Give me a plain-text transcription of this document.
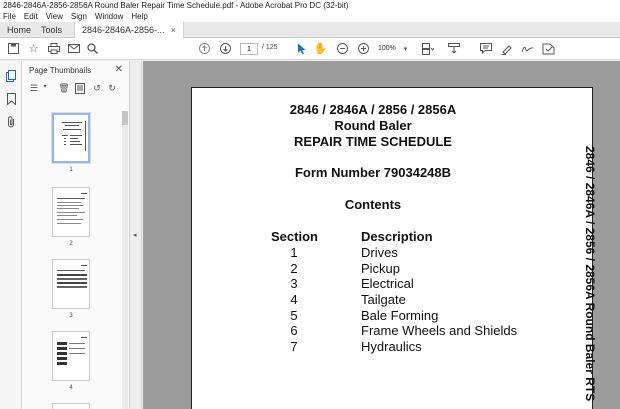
2846-2846A-2856-2856A Round Baler Repair Time Schedule.pdf - Adobe Acrobat Pro DC (32-bit)
File Edit View Sign Window Help
Home	Tools	2846-2846A-2856-... ×
☆
1	/ 125	✋	100%	▾
Page Thumbnails ✕
☰ ▾	🗑	↺ ↻
1
2
3
4
◂
2846 / 2846A / 2856 / 2856A
Round Baler
REPAIR TIME SCHEDULE
Form Number 79034248B
Contents
Section	Description
1	Drives
2	Pickup
3	Electrical
4	Tailgate
5	Bale Forming
6	Frame Wheels and Shields
7	Hydraulics	2846 / 2846A / 2856 / 2856A Round Baler RTS
